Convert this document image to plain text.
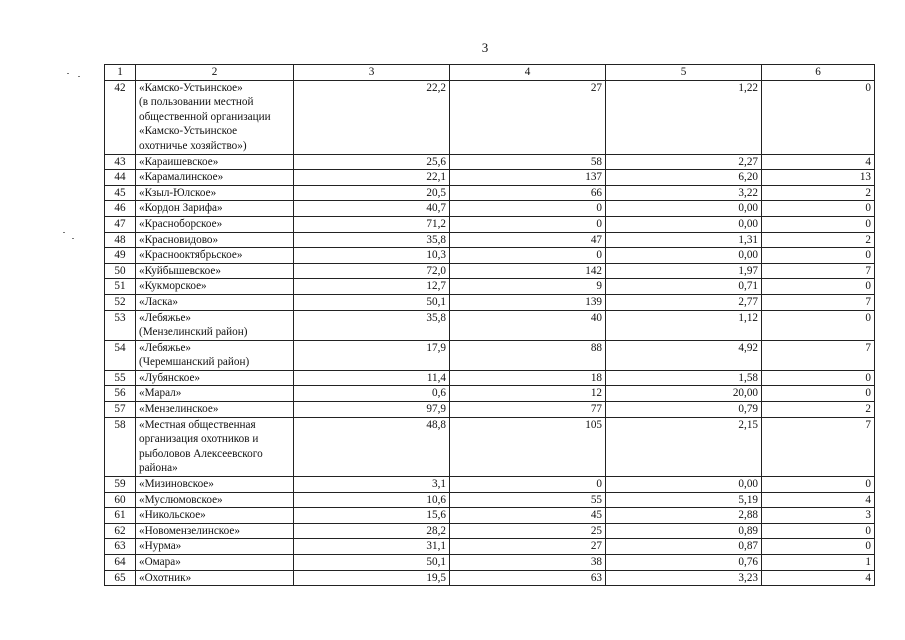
3
1	2	3	4	5	6
42	«Камско-Устьинское»
(в пользовании местной
общественной организации
«Камско-Устьинское
охотничье хозяйство»)	22,2	27	1,22	0
43	«Караишевское»	25,6	58	2,27	4
44	«Карамалинское»	22,1	137	6,20	13
45	«Кзыл-Юлское»	20,5	66	3,22	2
46	«Кордон Зарифа»	40,7	0	0,00	0
47	«Красноборское»	71,2	0	0,00	0
48	«Красновидово»	35,8	47	1,31	2
49	«Краснооктябрьское»	10,3	0	0,00	0
50	«Куйбышевское»	72,0	142	1,97	7
51	«Кукморское»	12,7	9	0,71	0
52	«Ласка»	50,1	139	2,77	7
53	«Лебяжье»
(Мензелинский район)	35,8	40	1,12	0
54	«Лебяжье»
(Черемшанский район)	17,9	88	4,92	7
55	«Лубянское»	11,4	18	1,58	0
56	«Марал»	0,6	12	20,00	0
57	«Мензелинское»	97,9	77	0,79	2
58	«Местная общественная
организация охотников и
рыболовов Алексеевского
района»	48,8	105	2,15	7
59	«Мизиновское»	3,1	0	0,00	0
60	«Муслюмовское»	10,6	55	5,19	4
61	«Никольское»	15,6	45	2,88	3
62	«Новомензелинское»	28,2	25	0,89	0
63	«Нурма»	31,1	27	0,87	0
64	«Омара»	50,1	38	0,76	1
65	«Охотник»	19,5	63	3,23	4
